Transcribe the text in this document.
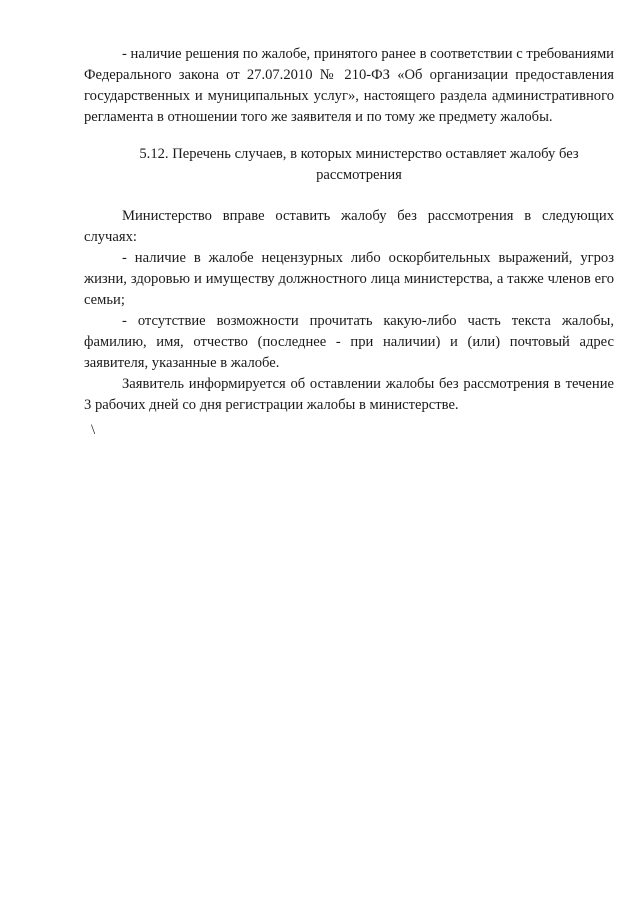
- наличие решения по жалобе, принятого ранее в соответствии с требованиями Федерального закона от 27.07.2010 № 210-ФЗ «Об организации предоставления государственных и муниципальных услуг», настоящего раздела административного регламента в отношении того же заявителя и по тому же предмету жалобы.

5.12. Перечень случаев, в которых министерство оставляет жалобу без
рассмотрения

Министерство вправе оставить жалобу без рассмотрения в следующих случаях:

- наличие в жалобе нецензурных либо оскорбительных выражений, угроз жизни, здоровью и имуществу должностного лица министерства, а также членов его семьи;

- отсутствие возможности прочитать какую-либо часть текста жалобы, фамилию, имя, отчество (последнее - при наличии) и (или) почтовый адрес заявителя, указанные в жалобе.

Заявитель информируется об оставлении жалобы без рассмотрения в течение 3 рабочих дней со дня регистрации жалобы в министерстве.

\
